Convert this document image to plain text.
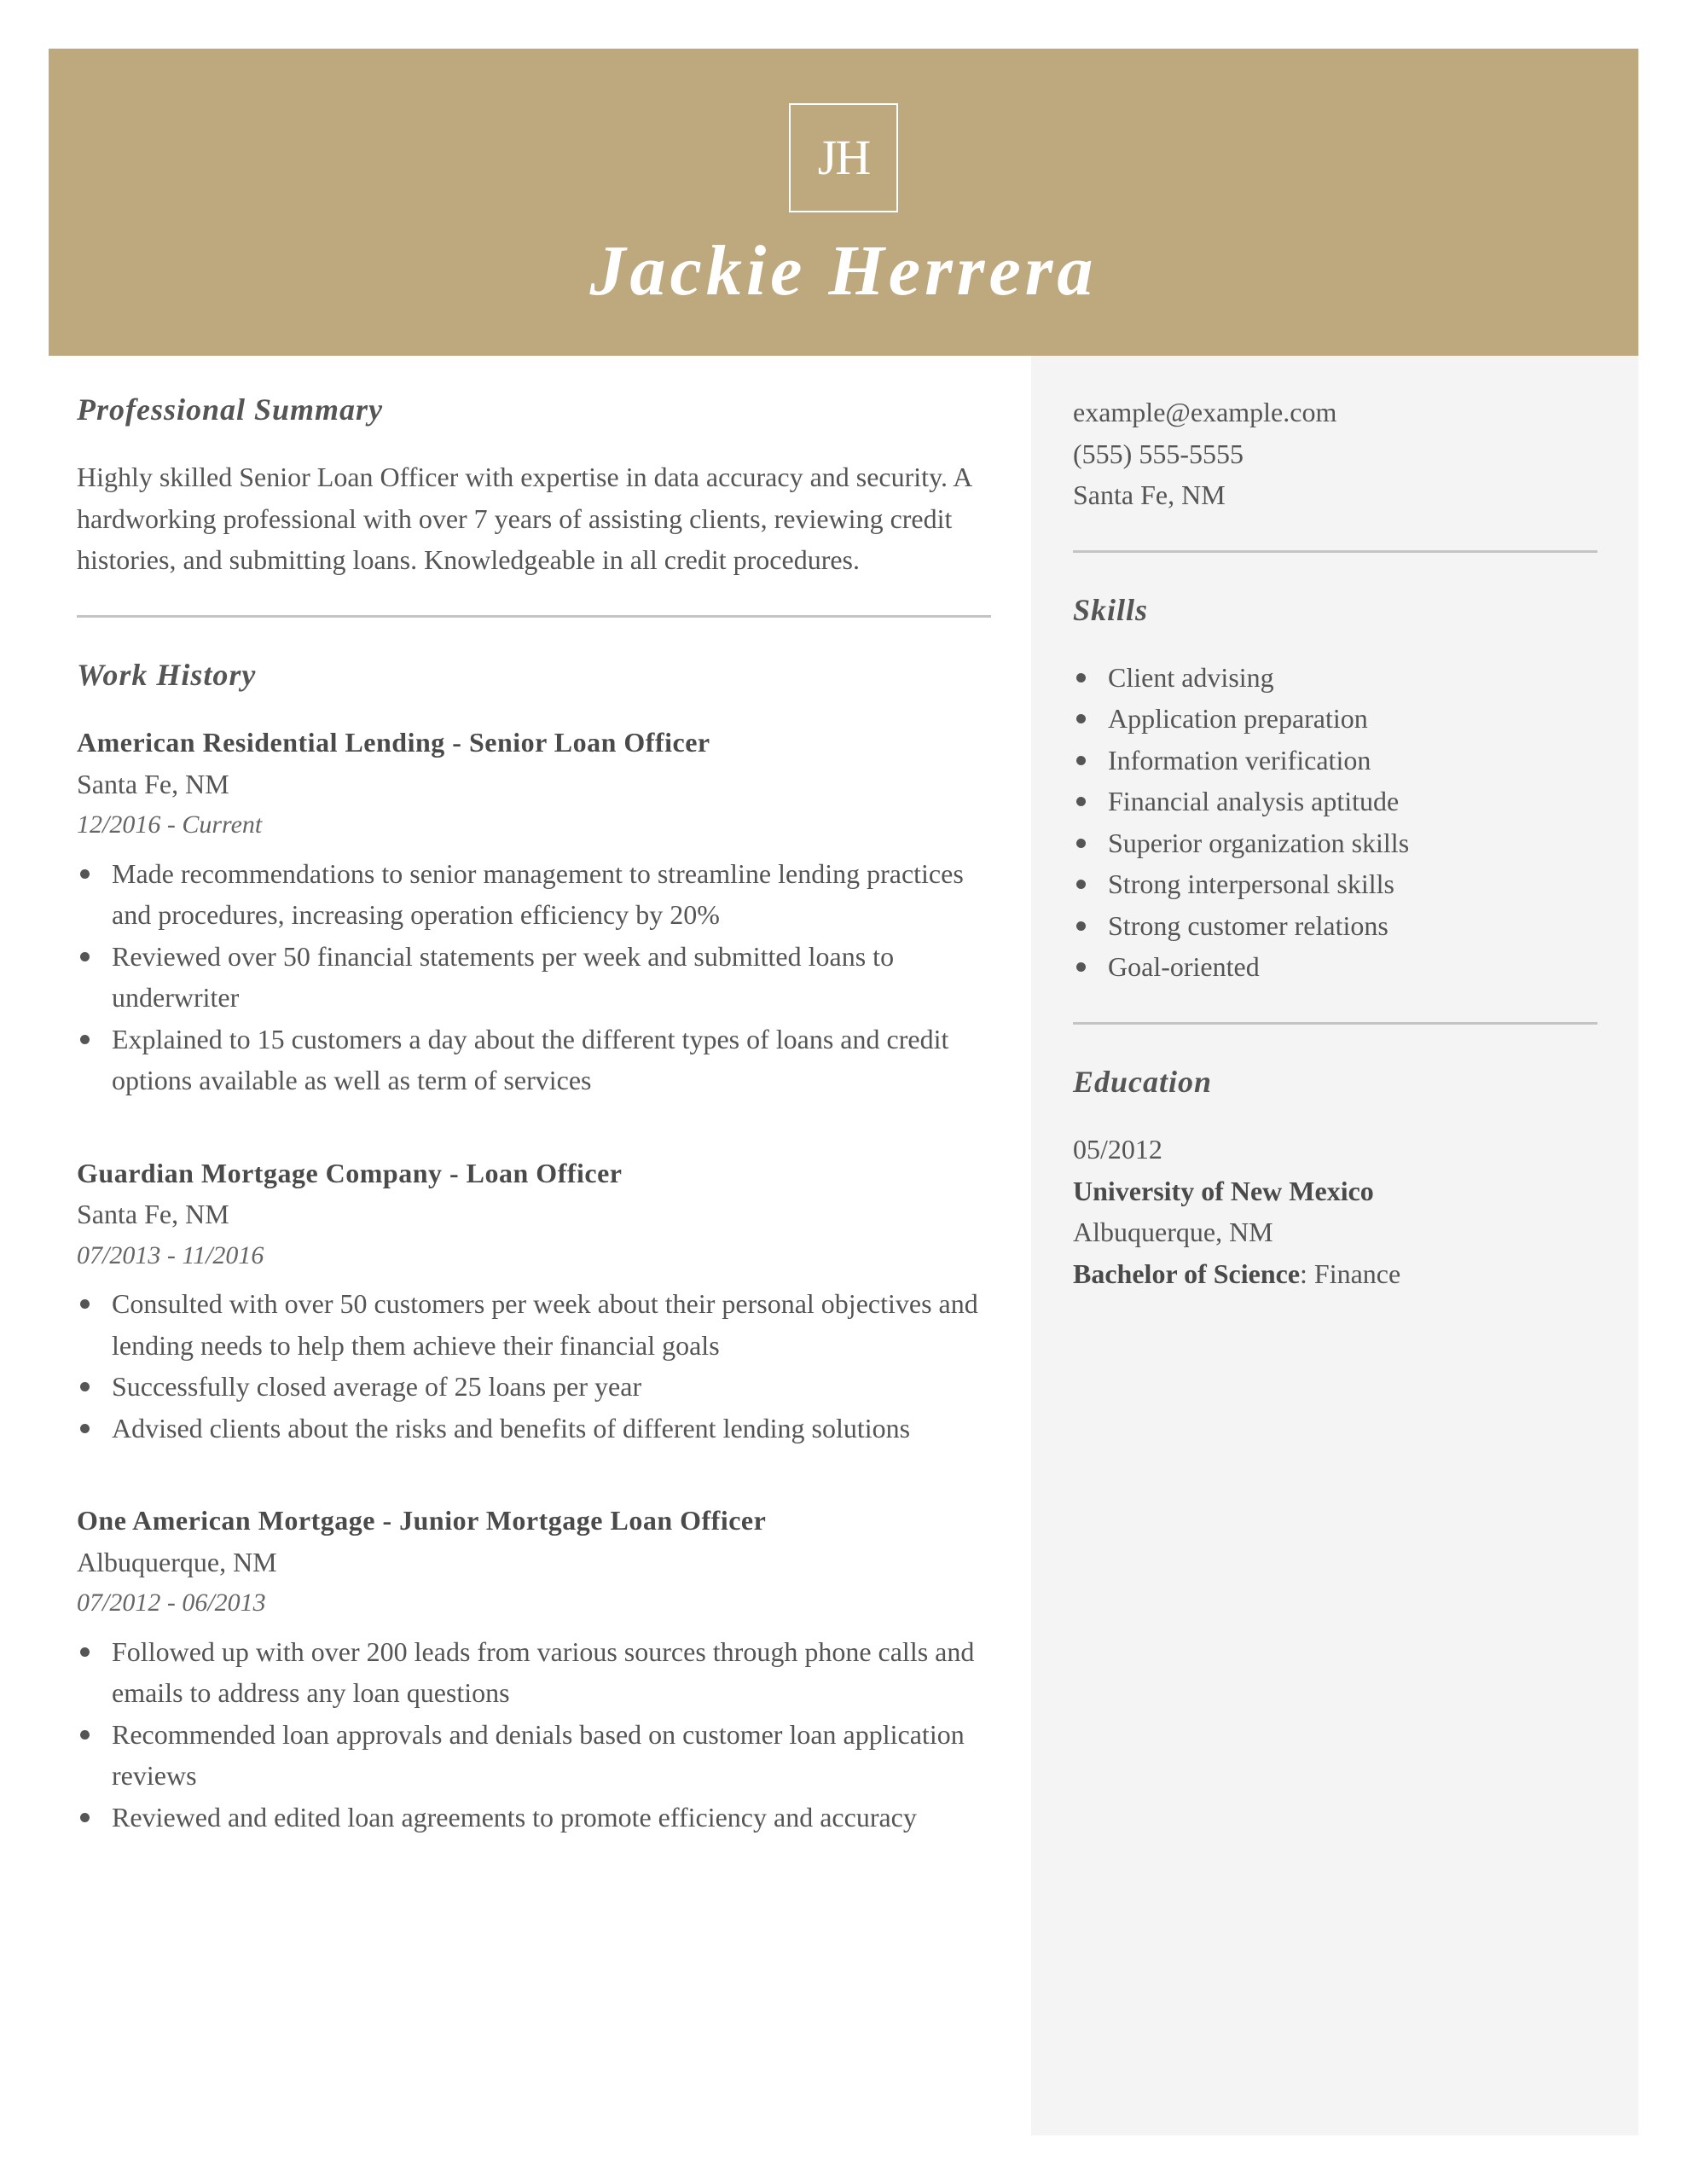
JH
Jackie Herrera
Professional Summary
Highly skilled Senior Loan Officer with expertise in data accuracy and security. A hardworking professional with over 7 years of assisting clients, reviewing credit histories, and submitting loans. Knowledgeable in all credit procedures.
Work History
American Residential Lending - Senior Loan Officer
Santa Fe, NM
12/2016 - Current
Made recommendations to senior management to streamline lending practices and procedures, increasing operation efficiency by 20%
Reviewed over 50 financial statements per week and submitted loans to underwriter
Explained to 15 customers a day about the different types of loans and credit options available as well as term of services
Guardian Mortgage Company - Loan Officer
Santa Fe, NM
07/2013 - 11/2016
Consulted with over 50 customers per week about their personal objectives and lending needs to help them achieve their financial goals
Successfully closed average of 25 loans per year
Advised clients about the risks and benefits of different lending solutions
One American Mortgage - Junior Mortgage Loan Officer
Albuquerque, NM
07/2012 - 06/2013
Followed up with over 200 leads from various sources through phone calls and emails to address any loan questions
Recommended loan approvals and denials based on customer loan application reviews
Reviewed and edited loan agreements to promote efficiency and accuracy
example@example.com
(555) 555-5555
Santa Fe, NM
Skills
Client advising
Application preparation
Information verification
Financial analysis aptitude
Superior organization skills
Strong interpersonal skills
Strong customer relations
Goal-oriented
Education
05/2012
University of New Mexico
Albuquerque, NM
Bachelor of Science: Finance
